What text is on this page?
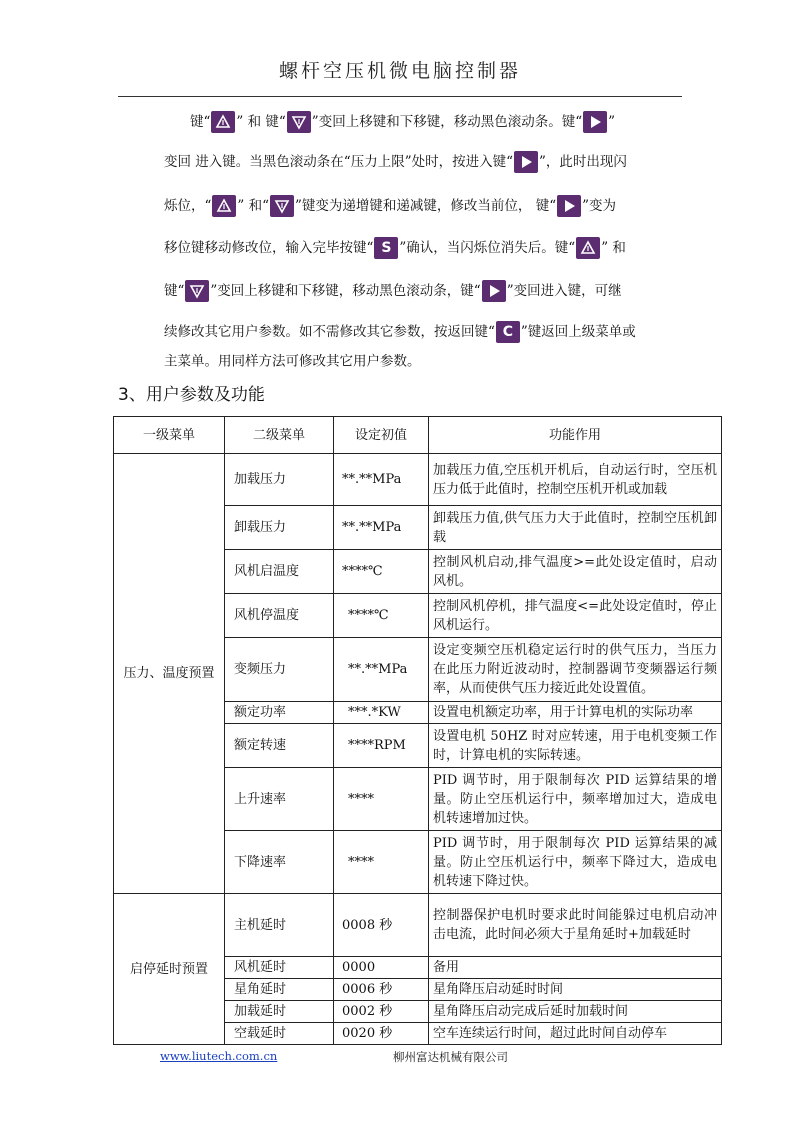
螺杆空压机微电脑控制器
键“ ” 和 键“ ”变回上移键和下移键，移动黑色滚动条。键“ ”
变回 进入键。当黑色滚动条在“压力上限”处时，按进入键“ ”，此时出现闪
烁位，“ ” 和“ ”键变为递增键和递减键，修改当前位， 键“ ”变为
移位键移动修改位，输入完毕按键“ S ”确认，当闪烁位消失后。键“ ” 和
键“ ”变回上移键和下移键，移动黑色滚动条，键“ ”变回进入键，可继
续修改其它用户参数。如不需修改其它参数，按返回键“ C ”键返回上级菜单或
主菜单。用同样方法可修改其它用户参数。
3、用户参数及功能
一级菜单	二级菜单	设定初值	功能作用
压力、温度预置	加载压力	**.**MPa	加载压力值,空压机开机后，自动运行时，空压机压力低于此值时，控制空压机开机或加载
	卸载压力	**.**MPa	卸载压力值,供气压力大于此值时，控制空压机卸载
	风机启温度	****℃	控制风机启动,排气温度>=此处设定值时，启动风机。
	风机停温度	****℃	控制风机停机，排气温度<=此处设定值时，停止风机运行。
	变频压力	**.**MPa	设定变频空压机稳定运行时的供气压力，当压力在此压力附近波动时，控制器调节变频器运行频率，从而使供气压力接近此处设置值。
	额定功率	***.*KW	设置电机额定功率，用于计算电机的实际功率
	额定转速	****RPM	设置电机 50HZ 时对应转速，用于电机变频工作时，计算电机的实际转速。
	上升速率	****	PID 调节时，用于限制每次 PID 运算结果的增量。防止空压机运行中，频率增加过大，造成电机转速增加过快。
	下降速率	****	PID 调节时，用于限制每次 PID 运算结果的减量。防止空压机运行中，频率下降过大，造成电机转速下降过快。
启停延时预置	主机延时	0008 秒	控制器保护电机时要求此时间能躲过电机启动冲击电流，此时间必须大于星角延时+加载延时
	风机延时	0000	备用
	星角延时	0006 秒	星角降压启动延时时间
	加载延时	0002 秒	星角降压启动完成后延时加载时间
	空载延时	0020 秒	空车连续运行时间，超过此时间自动停车
www.liutech.com.cn	柳州富达机械有限公司
